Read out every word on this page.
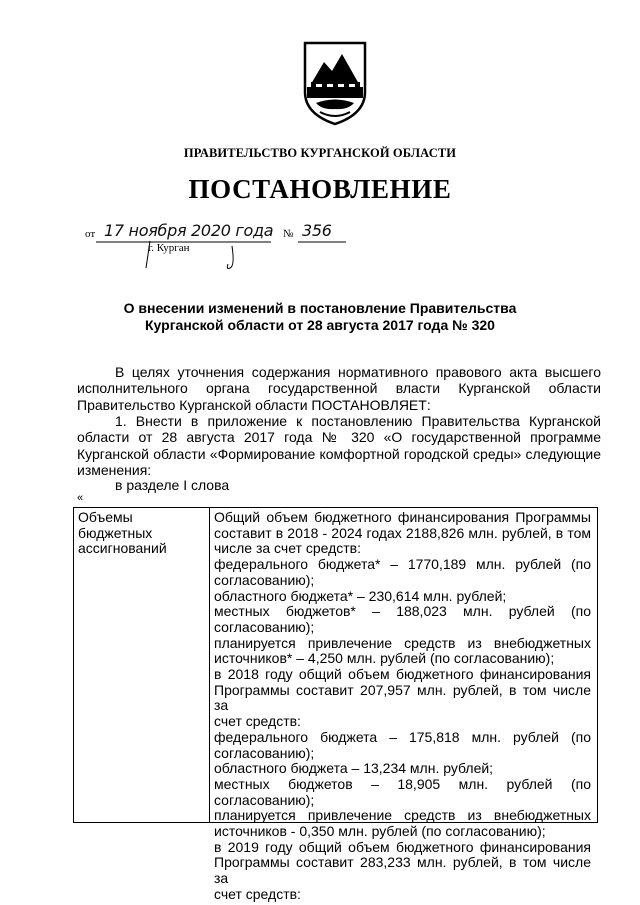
ПРАВИТЕЛЬСТВО КУРГАНСКОЙ ОБЛАСТИ
ПОСТАНОВЛЕНИЕ
от 17 ноября 2020 года № 356
г. Курган
О внесении изменений в постановление Правительства
Курганской области от 28 августа 2017 года № 320

В целях уточнения содержания нормативного правового акта высшего исполнительного органа государственной власти Курганской области Правительство Курганской области ПОСТАНОВЛЯЕТ:

1. Внести в приложение к постановлению Правительства Курганской области от 28 августа 2017 года № 320 «О государственной программе Курганской области «Формирование комфортной городской среды» следующие изменения:

в разделе I слова

«

Объемы бюджетных ассигнований

Общий объем бюджетного финансирования Программы
составит в 2018 - 2024 годах 2188,826 млн. рублей, в том
числе за счет средств:
федерального бюджета* – 1770,189 млн. рублей (по
согласованию);
областного бюджета* – 230,614 млн. рублей;
местных бюджетов* – 188,023 млн. рублей (по согласованию);
планируется привлечение средств из внебюджетных
источников* – 4,250 млн. рублей (по согласованию);
в 2018 году общий объем бюджетного финансирования
Программы составит 207,957 млн. рублей, в том числе за
счет средств:
федерального бюджета – 175,818 млн. рублей (по
согласованию);
областного бюджета – 13,234 млн. рублей;
местных бюджетов – 18,905 млн. рублей (по согласованию);
планируется привлечение средств из внебюджетных
источников - 0,350 млн. рублей (по согласованию);
в 2019 году общий объем бюджетного финансирования
Программы составит 283,233 млн. рублей, в том числе за
счет средств:
